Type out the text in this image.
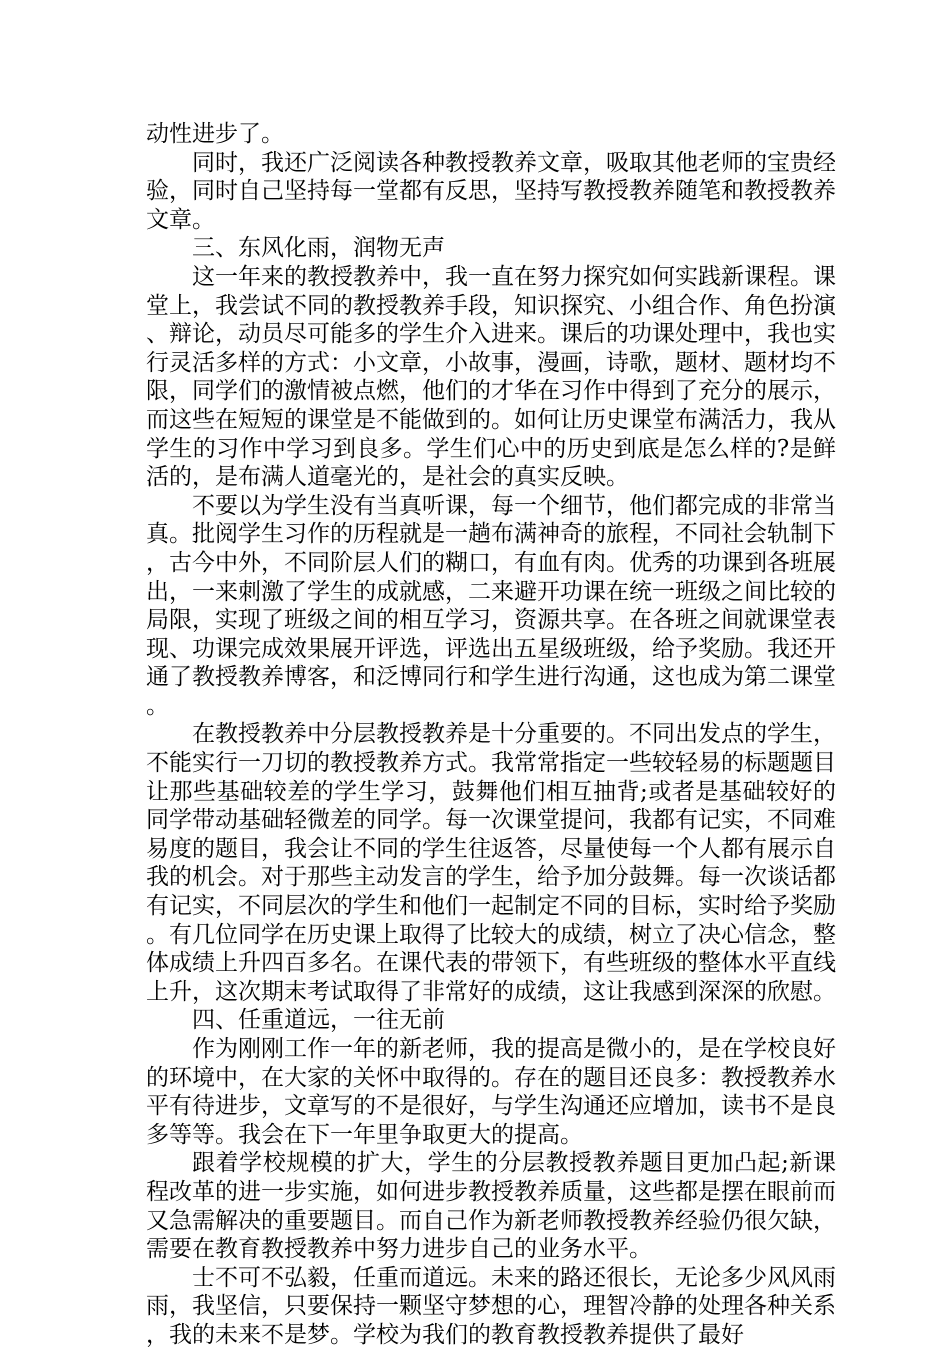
动性进步了。

同时，我还广泛阅读各种教授教养文章，吸取其他老师的宝贵经验，同时自己坚持每一堂都有反思，坚持写教授教养随笔和教授教养文章。

三、东风化雨，润物无声

这一年来的教授教养中，我一直在努力探究如何实践新课程。课堂上，我尝试不同的教授教养手段，知识探究、小组合作、角色扮演、辩论，动员尽可能多的学生介入进来。课后的功课处理中，我也实行灵活多样的方式：小文章，小故事，漫画，诗歌，题材、题材均不限，同学们的激情被点燃，他们的才华在习作中得到了充分的展示，而这些在短短的课堂是不能做到的。如何让历史课堂布满活力，我从学生的习作中学习到良多。学生们心中的历史到底是怎么样的?是鲜活的，是布满人道毫光的，是社会的真实反映。

不要以为学生没有当真听课，每一个细节，他们都完成的非常当真。批阅学生习作的历程就是一趟布满神奇的旅程，不同社会轨制下，古今中外，不同阶层人们的糊口，有血有肉。优秀的功课到各班展出，一来刺激了学生的成就感，二来避开功课在统一班级之间比较的局限，实现了班级之间的相互学习，资源共享。在各班之间就课堂表现、功课完成效果展开评选，评选出五星级班级，给予奖励。我还开通了教授教养博客，和泛博同行和学生进行沟通，这也成为第二课堂。

在教授教养中分层教授教养是十分重要的。不同出发点的学生，不能实行一刀切的教授教养方式。我常常指定一些较轻易的标题题目让那些基础较差的学生学习，鼓舞他们相互抽背;或者是基础较好的同学带动基础轻微差的同学。每一次课堂提问，我都有记实，不同难易度的题目，我会让不同的学生往返答，尽量使每一个人都有展示自我的机会。对于那些主动发言的学生，给予加分鼓舞。每一次谈话都有记实，不同层次的学生和他们一起制定不同的目标，实时给予奖励。有几位同学在历史课上取得了比较大的成绩，树立了决心信念，整体成绩上升四百多名。在课代表的带领下，有些班级的整体水平直线上升，这次期末考试取得了非常好的成绩，这让我感到深深的欣慰。

四、任重道远，一往无前

作为刚刚工作一年的新老师，我的提高是微小的，是在学校良好的环境中，在大家的关怀中取得的。存在的题目还良多：教授教养水平有待进步，文章写的不是很好，与学生沟通还应增加，读书不是良多等等。我会在下一年里争取更大的提高。

跟着学校规模的扩大，学生的分层教授教养题目更加凸起;新课程改革的进一步实施，如何进步教授教养质量，这些都是摆在眼前而又急需解决的重要题目。而自己作为新老师教授教养经验仍很欠缺，需要在教育教授教养中努力进步自己的业务水平。

士不可不弘毅，任重而道远。未来的路还很长，无论多少风风雨雨，我坚信，只要保持一颗坚守梦想的心，理智冷静的处理各种关系，我的未来不是梦。学校为我们的教育教授教养提供了最好
